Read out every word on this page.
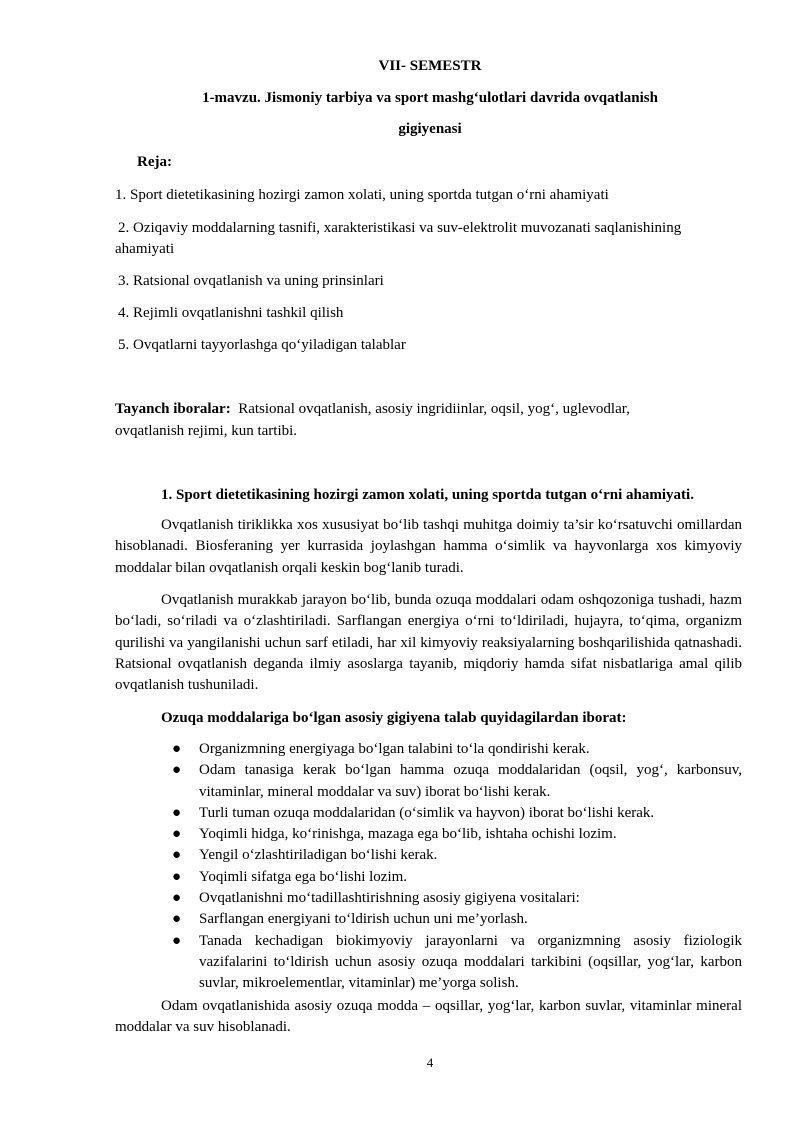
VII- SEMESTR
1-mavzu. Jismoniy tarbiya va sport mashg‘ulotlari davrida ovqatlanish
gigiyenasi
Reja:
1. Sport dietetikasining hozirgi zamon xolati, uning sportda tutgan o‘rni ahamiyati
2. Oziqaviy moddalarning tasnifi, xarakteristikasi va suv-elektrolit muvozanati saqlanishining
ahamiyati
3. Ratsional ovqatlanish va uning prinsinlari
4. Rejimli ovqatlanishni tashkil qilish
5. Ovqatlarni tayyorlashga qo‘yiladigan talablar
Tayanch iboralar: Ratsional ovqatlanish, asosiy ingridiinlar, oqsil, yog‘, uglevodlar,
ovqatlanish rejimi, kun tartibi.
1. Sport dietetikasining hozirgi zamon xolati, uning sportda tutgan o‘rni ahamiyati.
Ovqatlanish tiriklikka xos xususiyat bo‘lib tashqi muhitga doimiy ta’sir ko‘rsatuvchi omillardan hisoblanadi. Biosferaning yer kurrasida joylashgan hamma o‘simlik va hayvonlarga xos kimyoviy moddalar bilan ovqatlanish orqali keskin bog‘lanib turadi.
Ovqatlanish murakkab jarayon bo‘lib, bunda ozuqa moddalari odam oshqozoniga tushadi, hazm bo‘ladi, so‘riladi va o‘zlashtiriladi. Sarflangan energiya o‘rni to‘ldiriladi, hujayra, to‘qima, organizm qurilishi va yangilanishi uchun sarf etiladi, har xil kimyoviy reaksiyalarning boshqarilishida qatnashadi. Ratsional ovqatlanish deganda ilmiy asoslarga tayanib, miqdoriy hamda sifat nisbatlariga amal qilib ovqatlanish tushuniladi.
Ozuqa moddalariga bo‘lgan asosiy gigiyena talab quyidagilardan iborat:
● Organizmning energiyaga bo‘lgan talabini to‘la qondirishi kerak.
● Odam tanasiga kerak bo‘lgan hamma ozuqa moddalaridan (oqsil, yog‘, karbonsuv, vitaminlar, mineral moddalar va suv) iborat bo‘lishi kerak.
● Turli tuman ozuqa moddalaridan (o‘simlik va hayvon) iborat bo‘lishi kerak.
● Yoqimli hidga, ko‘rinishga, mazaga ega bo‘lib, ishtaha ochishi lozim.
● Yengil o‘zlashtiriladigan bo‘lishi kerak.
● Yoqimli sifatga ega bo‘lishi lozim.
● Ovqatlanishni mo‘tadillashtirishning asosiy gigiyena vositalari:
● Sarflangan energiyani to‘ldirish uchun uni me’yorlash.
● Tanada kechadigan biokimyoviy jarayonlarni va organizmning asosiy fiziologik vazifalarini to‘ldirish uchun asosiy ozuqa moddalari tarkibini (oqsillar, yog‘lar, karbon suvlar, mikroelementlar, vitaminlar) me’yorga solish.
Odam ovqatlanishida asosiy ozuqa modda – oqsillar, yog‘lar, karbon suvlar, vitaminlar mineral moddalar va suv hisoblanadi.
4
